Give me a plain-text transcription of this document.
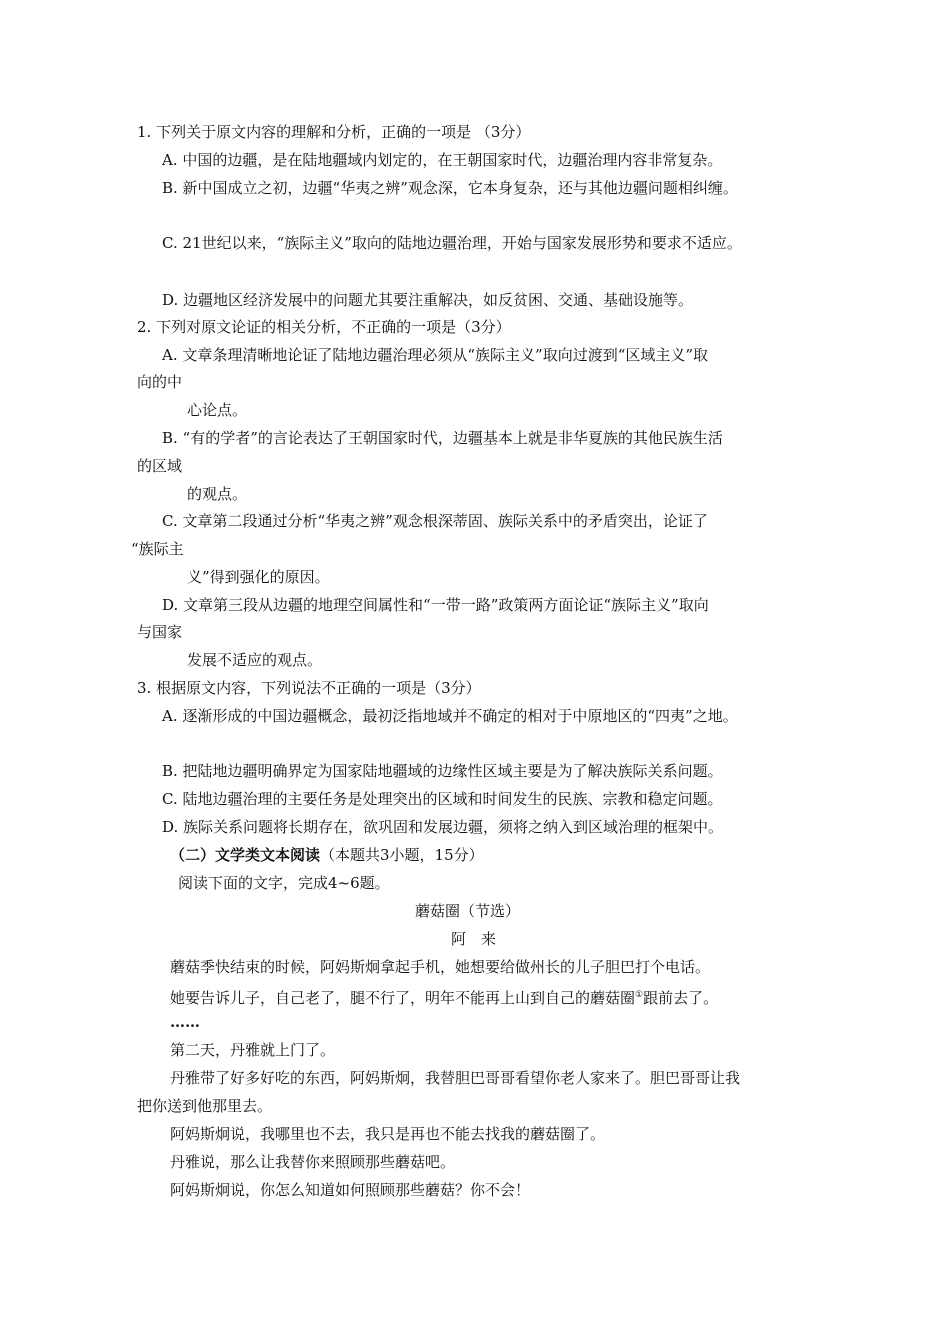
1. 下列关于原文内容的理解和分析，正确的一项是 （3分）
A. 中国的边疆，是在陆地疆域内划定的，在王朝国家时代，边疆治理内容非常复杂。
B. 新中国成立之初，边疆“华夷之辨”观念深，它本身复杂，还与其他边疆问题相纠缠。
C. 21世纪以来，“族际主义”取向的陆地边疆治理，开始与国家发展形势和要求不适应。
D. 边疆地区经济发展中的问题尤其要注重解决，如反贫困、交通、基础设施等。
2. 下列对原文论证的相关分析，不正确的一项是（3分）
A. 文章条理清晰地论证了陆地边疆治理必须从“族际主义”取向过渡到“区域主义”取
向的中
心论点。
B. “有的学者”的言论表达了王朝国家时代，边疆基本上就是非华夏族的其他民族生活
的区域
的观点。
C. 文章第二段通过分析“华夷之辨”观念根深蒂固、族际关系中的矛盾突出，论证了
“族际主
义”得到强化的原因。
D. 文章第三段从边疆的地理空间属性和“一带一路”政策两方面论证“族际主义”取向
与国家
发展不适应的观点。
3. 根据原文内容，下列说法不正确的一项是（3分）
A. 逐渐形成的中国边疆概念，最初泛指地域并不确定的相对于中原地区的“四夷”之地。
B. 把陆地边疆明确界定为国家陆地疆域的边缘性区域主要是为了解决族际关系问题。
C. 陆地边疆治理的主要任务是处理突出的区域和时间发生的民族、宗教和稳定问题。
D. 族际关系问题将长期存在，欲巩固和发展边疆，须将之纳入到区域治理的框架中。
（二）文学类文本阅读（本题共3小题，15分）
阅读下面的文字，完成4~6题。
蘑菇圈（节选）
阿　来
蘑菇季快结束的时候，阿妈斯炯拿起手机，她想要给做州长的儿子胆巴打个电话。
她要告诉儿子，自己老了，腿不行了，明年不能再上山到自己的蘑菇圈①跟前去了。
……
第二天，丹雅就上门了。
丹雅带了好多好吃的东西，阿妈斯炯，我替胆巴哥哥看望你老人家来了。胆巴哥哥让我
把你送到他那里去。
阿妈斯炯说，我哪里也不去，我只是再也不能去找我的蘑菇圈了。
丹雅说，那么让我替你来照顾那些蘑菇吧。
阿妈斯炯说，你怎么知道如何照顾那些蘑菇？你不会！
